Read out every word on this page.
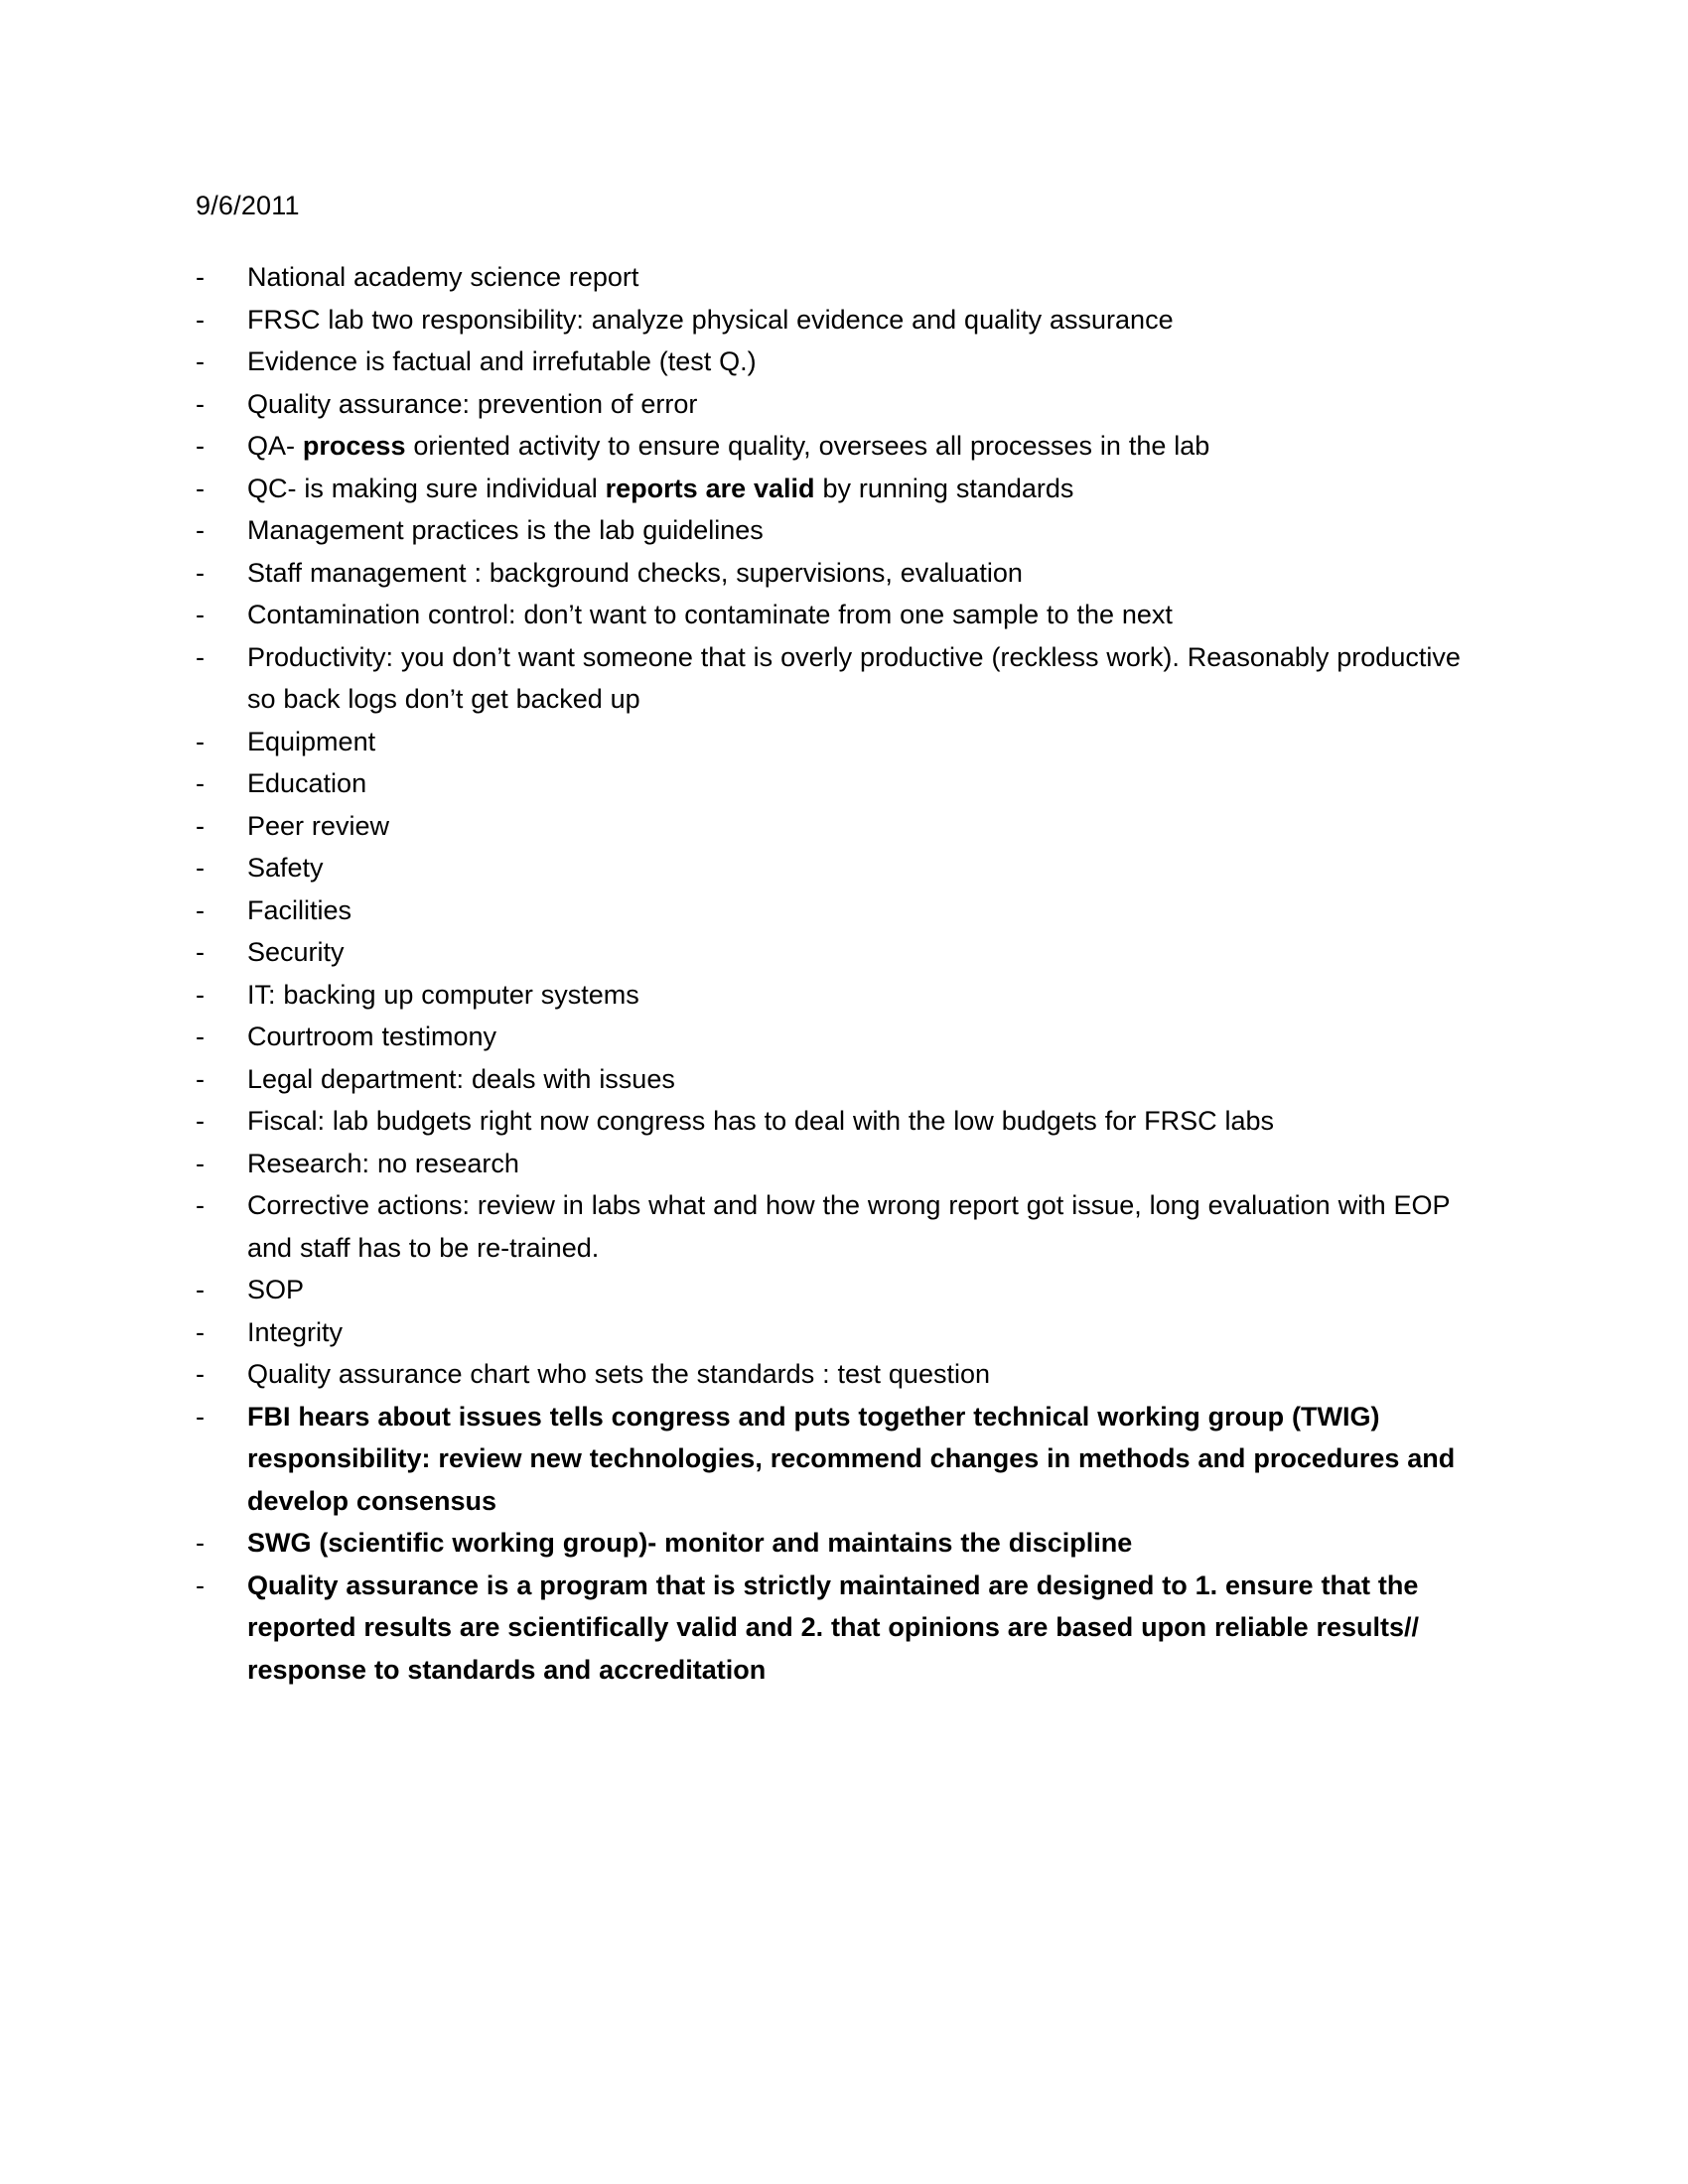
9/6/2011
-	National academy science report
-	FRSC lab two responsibility: analyze physical evidence and quality assurance
-	Evidence is factual and irrefutable (test Q.)
-	Quality assurance: prevention of error
-	QA- process oriented activity to ensure quality, oversees all processes in the lab
-	QC- is making sure individual reports are valid by running standards
-	Management practices is the lab guidelines
-	Staff management : background checks, supervisions, evaluation
-	Contamination control: don’t want to contaminate from one sample to the next
-	Productivity: you don’t want someone that is overly productive (reckless work). Reasonably productive so back logs don’t get backed up
-	Equipment
-	Education
-	Peer review
-	Safety
-	Facilities
-	Security
-	IT: backing up computer systems
-	Courtroom testimony
-	Legal department: deals with issues
-	Fiscal: lab budgets right now congress has to deal with the low budgets for FRSC labs
-	Research: no research
-	Corrective actions: review in labs what and how the wrong report got issue, long evaluation with EOP and staff has to be re-trained.
-	SOP
-	Integrity
-	Quality assurance chart who sets the standards : test question
-	FBI hears about issues tells congress and puts together technical working group (TWIG) responsibility: review new technologies, recommend changes in methods and procedures and develop consensus
-	SWG (scientific working group)- monitor and maintains the discipline
-	Quality assurance is a program that is strictly maintained are designed to 1. ensure that the reported results are scientifically valid and 2. that opinions are based upon reliable results// response to standards and accreditation
